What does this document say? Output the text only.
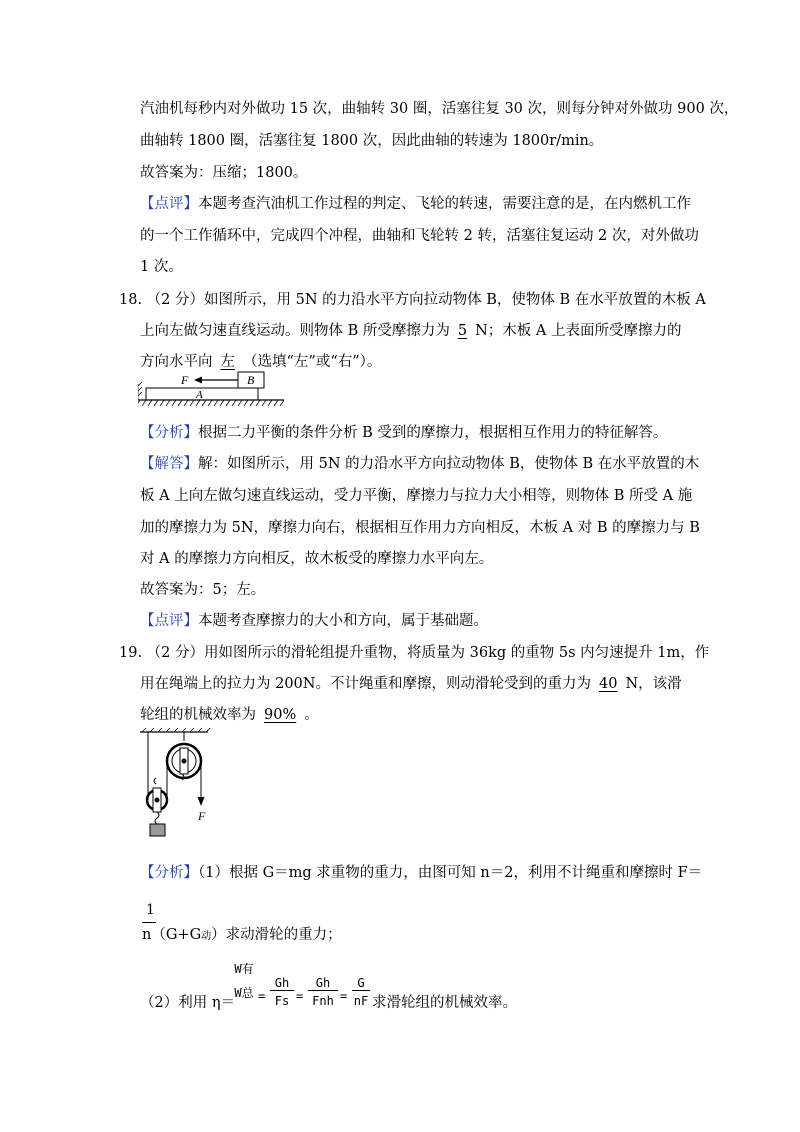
汽油机每秒内对外做功 15 次，曲轴转 30 圈，活塞往复 30 次，则每分钟对外做功 900 次，
曲轴转 1800 圈，活塞往复 1800 次，因此曲轴的转速为 1800r/min。
故答案为：压缩；1800。
【点评】本题考查汽油机工作过程的判定、飞轮的转速，需要注意的是，在内燃机工作
的一个工作循环中，完成四个冲程，曲轴和飞轮转 2 转，活塞往复运动 2 次，对外做功
1 次。
18. （2 分）如图所示，用 5N 的力沿水平方向拉动物体 B，使物体 B 在水平放置的木板 A
上向左做匀速直线运动。则物体 B 所受摩擦力为 5 N；木板 A 上表面所受摩擦力的
方向水平向 左 （选填“左”或“右”）。
F	B
A
【分析】根据二力平衡的条件分析 B 受到的摩擦力，根据相互作用力的特征解答。
【解答】解：如图所示，用 5N 的力沿水平方向拉动物体 B，使物体 B 在水平放置的木
板 A 上向左做匀速直线运动，受力平衡，摩擦力与拉力大小相等，则物体 B 所受 A 施
加的摩擦力为 5N，摩擦力向右，根据相互作用力方向相反，木板 A 对 B 的摩擦力与 B
对 A 的摩擦力方向相反，故木板受的摩擦力水平向左。
故答案为：5；左。
【点评】本题考查摩擦力的大小和方向，属于基础题。
19. （2 分）用如图所示的滑轮组提升重物，将质量为 36kg 的重物 5s 内匀速提升 1m，作
用在绳端上的拉力为 200N。不计绳重和摩擦，则动滑轮受到的重力为 40 N，该滑
轮组的机械效率为 90% 。
F
【分析】（1）根据 G＝mg 求重物的重力，由图可知 n＝2，利用不计绳重和摩擦时 F＝
1
n（G+G动）求动滑轮的重力；
（2）利用 η＝
W有
W总 =
Gh
Fs =
Gh
Fnh =
G
nF 求滑轮组的机械效率。
